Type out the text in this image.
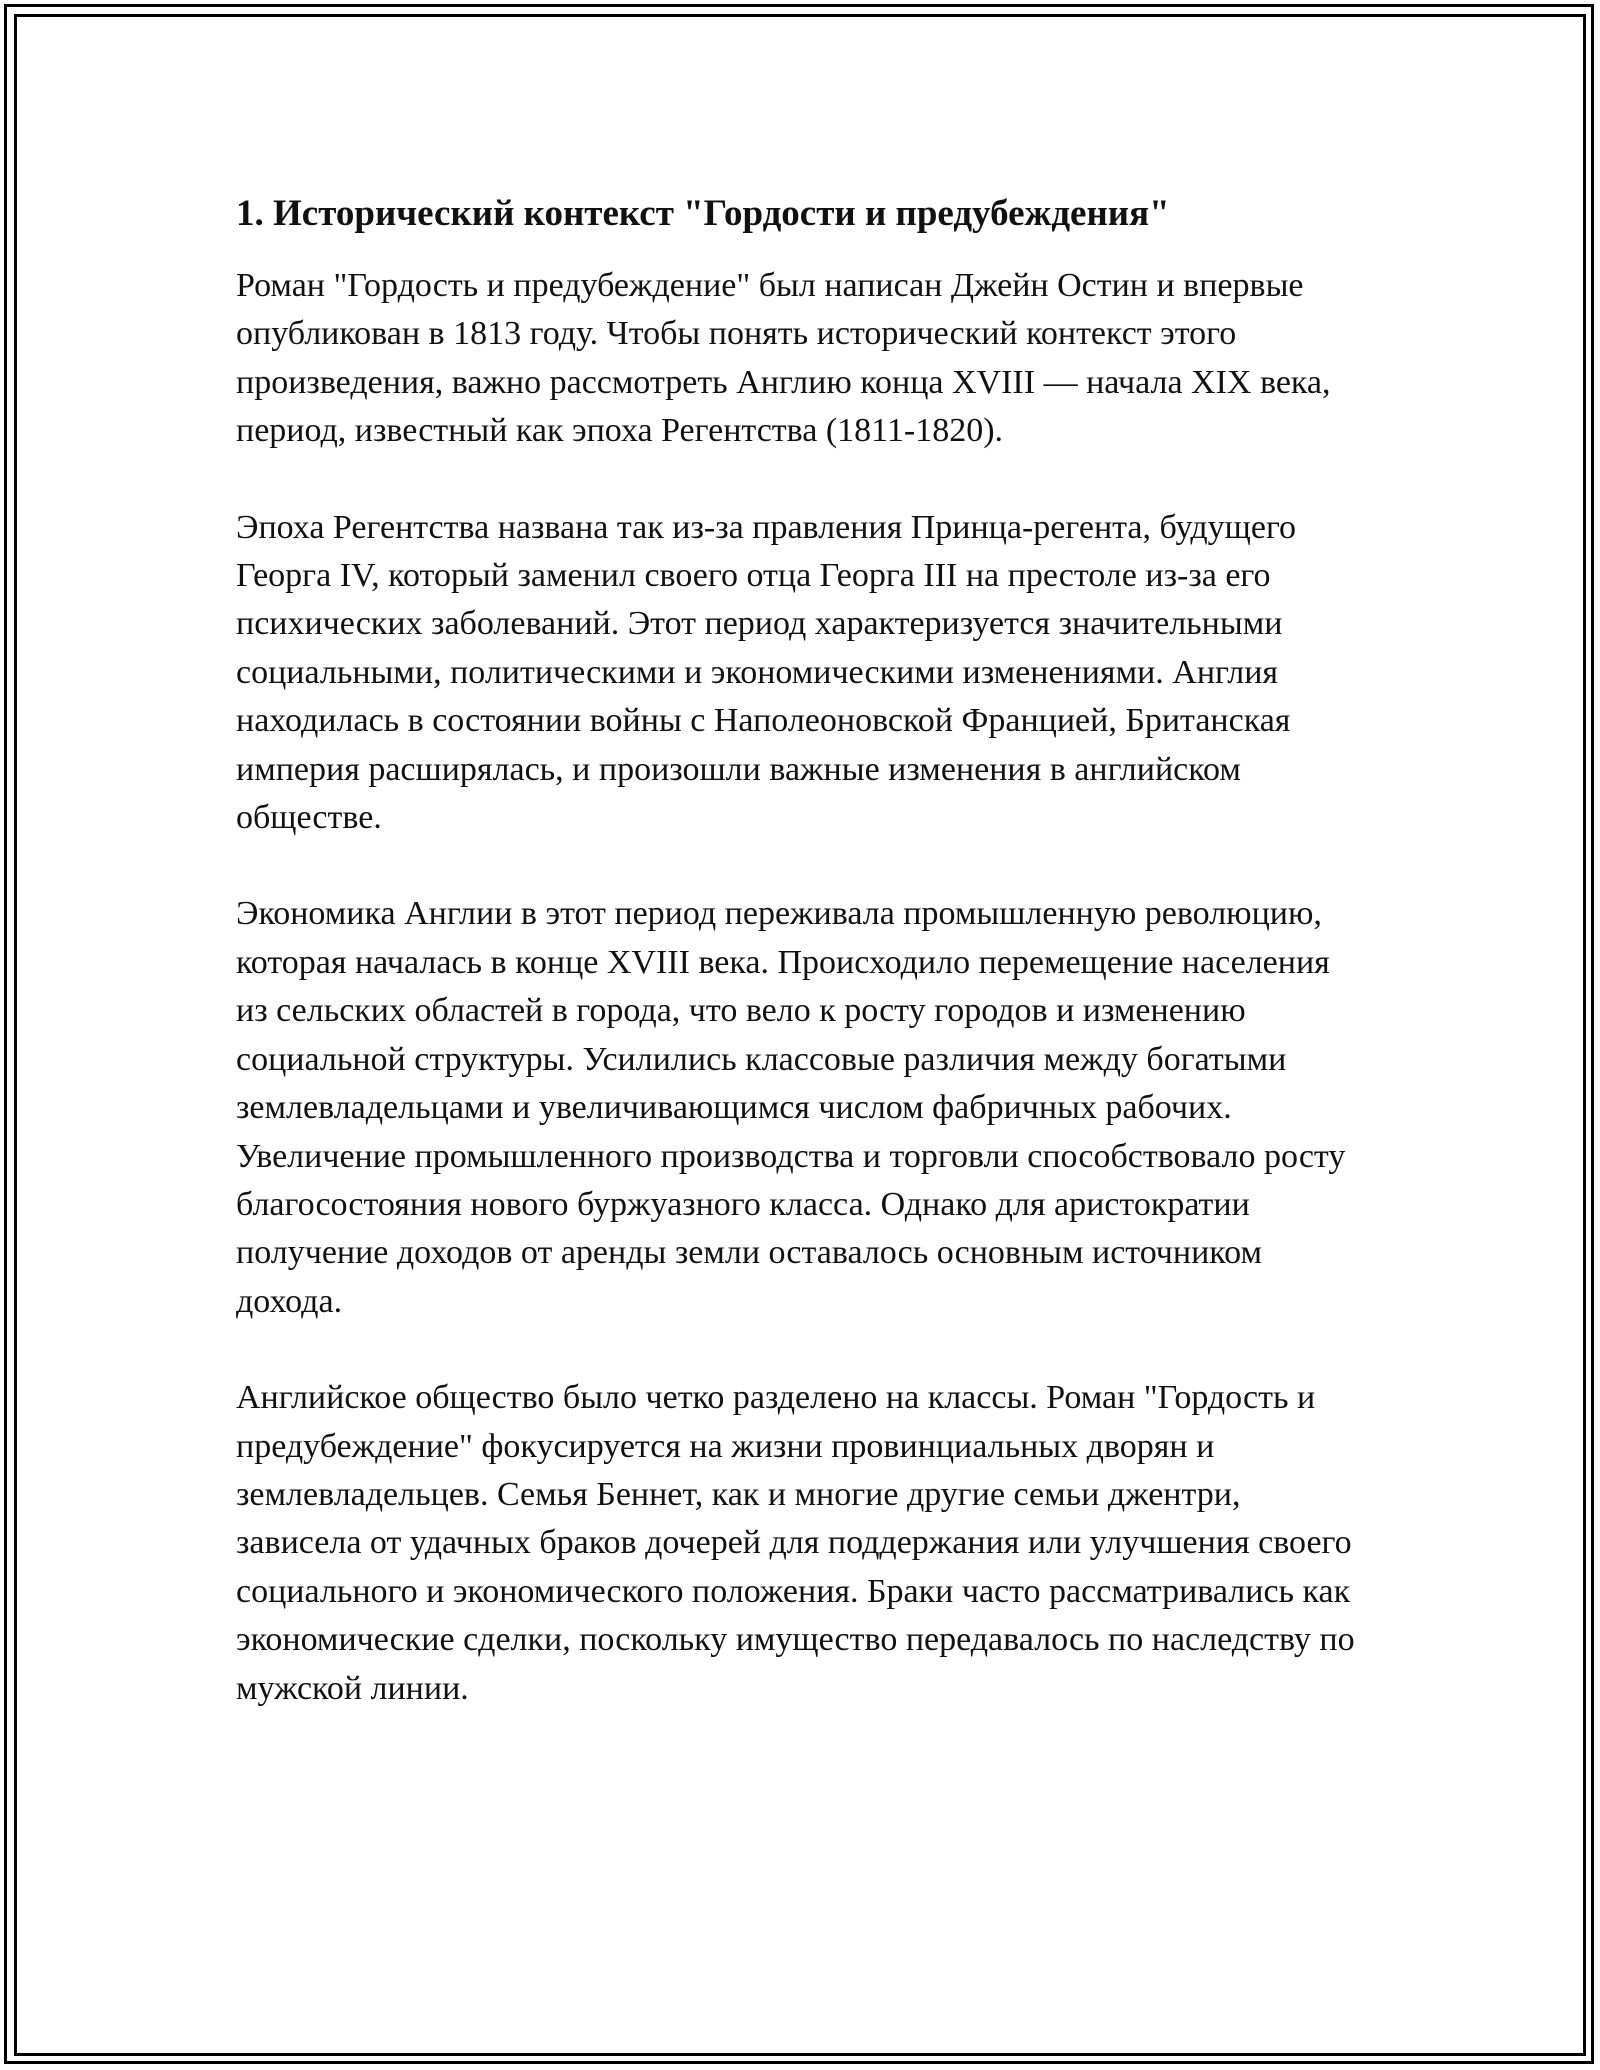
1. Исторический контекст "Гордости и предубеждения"

Роман "Гордость и предубеждение" был написан Джейн Остин и впервые опубликован в 1813 году. Чтобы понять исторический контекст этого произведения, важно рассмотреть Англию конца XVIII — начала XIX века, период, известный как эпоха Регентства (1811-1820).

Эпоха Регентства названа так из-за правления Принца-регента, будущего Георга IV, который заменил своего отца Георга III на престоле из-за его психических заболеваний. Этот период характеризуется значительными социальными, политическими и экономическими изменениями. Англия находилась в состоянии войны с Наполеоновской Францией, Британская империя расширялась, и произошли важные изменения в английском обществе.

Экономика Англии в этот период переживала промышленную революцию, которая началась в конце XVIII века. Происходило перемещение населения из сельских областей в города, что вело к росту городов и изменению социальной структуры. Усилились классовые различия между богатыми землевладельцами и увеличивающимся числом фабричных рабочих. Увеличение промышленного производства и торговли способствовало росту благосостояния нового буржуазного класса. Однако для аристократии получение доходов от аренды земли оставалось основным источником дохода.

Английское общество было четко разделено на классы. Роман "Гордость и предубеждение" фокусируется на жизни провинциальных дворян и землевладельцев. Семья Беннет, как и многие другие семьи джентри, зависела от удачных браков дочерей для поддержания или улучшения своего социального и экономического положения. Браки часто рассматривались как экономические сделки, поскольку имущество передавалось по наследству по мужской линии.
